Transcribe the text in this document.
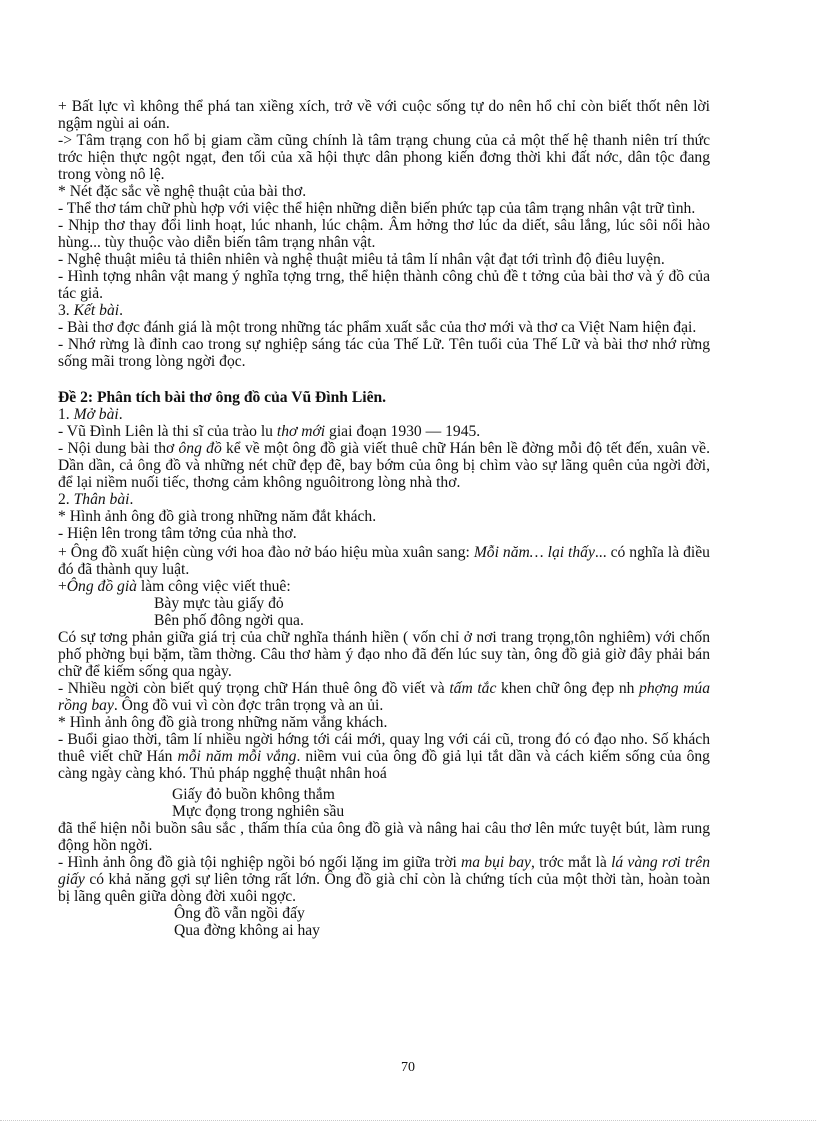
+ Bất lực vì không thể phá tan xiềng xích, trở về với cuộc sống tự do nên hổ chỉ còn biết thốt nên lời ngậm ngùi ai oán.

-> Tâm trạng con hổ bị giam cầm cũng chính là tâm trạng chung của cả một thế hệ thanh niên trí thức trớc hiện thực ngột ngạt, đen tối của xã hội thực dân phong kiến đơng thời khi đất nớc, dân tộc đang trong vòng nô lệ.

* Nét đặc sắc về nghệ thuật của bài thơ.

- Thể thơ tám chữ phù hợp với việc thể hiện những diễn biến phức tạp của tâm trạng nhân vật trữ tình.

- Nhịp thơ thay đổi linh hoạt, lúc nhanh, lúc chậm. Âm hởng thơ lúc da diết, sâu lắng, lúc sôi nổi hào hùng... tùy thuộc vào diễn biến tâm trạng nhân vật.

- Nghệ thuật miêu tả thiên nhiên và nghệ thuật miêu tả tâm lí nhân vật đạt tới trình độ điêu luyện.

- Hình tợng nhân vật mang ý nghĩa tợng trng, thể hiện thành công chủ đề t tởng của bài thơ và ý đồ của tác giả.

3. Kết bài.

- Bài thơ đợc đánh giá là một trong những tác phẩm xuất sắc của thơ mới và thơ ca Việt Nam hiện đại.

- Nhớ rừng là đỉnh cao trong sự nghiệp sáng tác của Thế Lữ. Tên tuổi của Thế Lữ và bài thơ nhớ rừng sống mãi trong lòng ngời đọc.

Đề 2: Phân tích bài thơ ông đồ của Vũ Đình Liên.

1. Mở bài.

- Vũ Đình Liên là thi sĩ của trào lu thơ mới giai đoạn 1930 — 1945.

- Nội dung bài thơ ông đồ kể về một ông đồ già viết thuê chữ Hán bên lề đờng mỗi độ tết đến, xuân về. Dần dần, cả ông đồ và những nét chữ đẹp đẽ, bay bớm của ông bị chìm vào sự lãng quên của ngời đời, để lại niềm nuối tiếc, thơng cảm không nguôitrong lòng nhà thơ.

2. Thân bài.

* Hình ảnh ông đồ già trong những năm đắt khách.

- Hiện lên trong tâm tởng của nhà thơ.

+ Ông đồ xuất hiện cùng với hoa đào nở báo hiệu mùa xuân sang: Mỗi năm… lại thấy... có nghĩa là điều đó đã thành quy luật.

+Ông đồ già làm công việc viết thuê:

Bày mực tàu giấy đỏ

Bên phố đông ngời qua.

Có sự tơng phản giữa giá trị của chữ nghĩa thánh hiền ( vốn chỉ ở nơi trang trọng,tôn nghiêm) với chốn phố phờng bụi bặm, tầm thờng. Câu thơ hàm ý đạo nho đã đến lúc suy tàn, ông đồ giả giờ đây phải bán chữ để kiếm sống qua ngày.

- Nhiều ngời còn biết quý trọng chữ Hán thuê ông đồ viết và tấm tắc khen chữ ông đẹp nh phợng múa rồng bay. Ông đồ vui vì còn đợc trân trọng và an ủi.

* Hình ảnh ông đồ già trong những năm vắng khách.

- Buổi giao thời, tâm lí nhiều ngời hớng tới cái mới, quay lng với cái cũ, trong đó có đạo nho. Số khách thuê viết chữ Hán mỗi năm mỗi vắng. niềm vui của ông đồ giả lụi tắt dần và cách kiếm sống của ông càng ngày càng khó. Thủ pháp ngghệ thuật nhân hoá

Giấy đỏ buồn không thắm

Mực đọng trong nghiên sầu

đã thể hiện nỗi buồn sâu sắc , thấm thía của ông đồ già và nâng hai câu thơ lên mức tuyệt bút, làm rung động hồn ngời.

- Hình ảnh ông đồ già tội nghiệp ngồi bó ngối lặng im giữa trời ma bụi bay, trớc mắt là lá vàng rơi trên giấy có khả năng gợi sự liên tởng rất lớn. Ông đồ già chỉ còn là chứng tích của một thời tàn, hoàn toàn bị lãng quên giữa dòng đời xuôi ngợc.

Ông đồ vẫn ngồi đấy

Qua đờng không ai hay

70
